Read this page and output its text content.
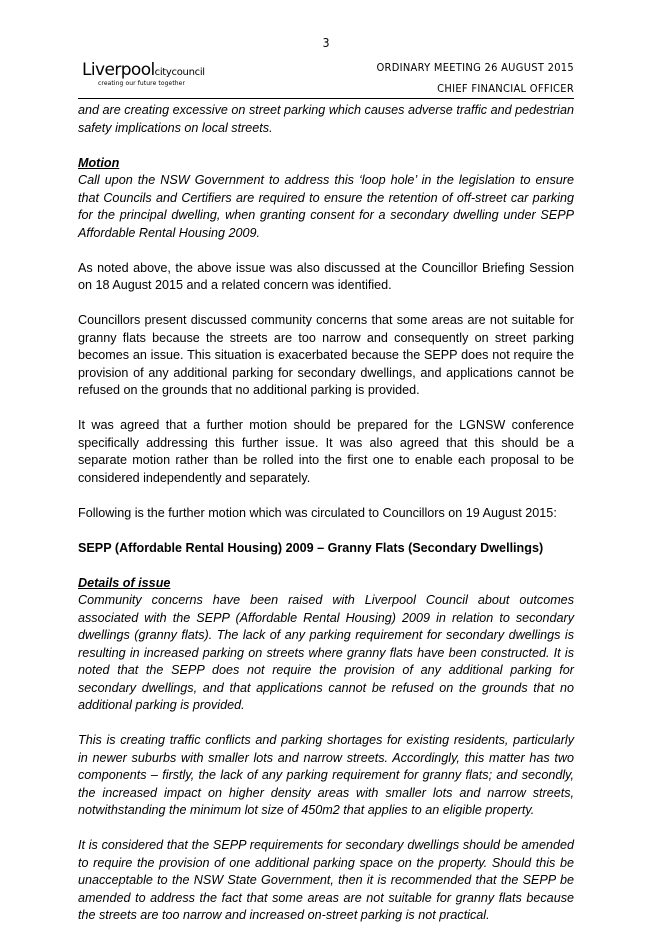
3
Liverpoolcitycouncil
creating our future together
ORDINARY MEETING 26 AUGUST 2015
CHIEF FINANCIAL OFFICER

and are creating excessive on street parking which causes adverse traffic and pedestrian safety implications on local streets.

Motion

Call upon the NSW Government to address this ‘loop hole’ in the legislation to ensure that Councils and Certifiers are required to ensure the retention of off-street car parking for the principal dwelling, when granting consent for a secondary dwelling under SEPP Affordable Rental Housing 2009.

As noted above, the above issue was also discussed at the Councillor Briefing Session on 18 August 2015 and a related concern was identified.

Councillors present discussed community concerns that some areas are not suitable for granny flats because the streets are too narrow and consequently on street parking becomes an issue. This situation is exacerbated because the SEPP does not require the provision of any additional parking for secondary dwellings, and applications cannot be refused on the grounds that no additional parking is provided.

It was agreed that a further motion should be prepared for the LGNSW conference specifically addressing this further issue. It was also agreed that this should be a separate motion rather than be rolled into the first one to enable each proposal to be considered independently and separately.

Following is the further motion which was circulated to Councillors on 19 August 2015:

SEPP (Affordable Rental Housing) 2009 – Granny Flats (Secondary Dwellings)

Details of issue

Community concerns have been raised with Liverpool Council about outcomes associated with the SEPP (Affordable Rental Housing) 2009 in relation to secondary dwellings (granny flats). The lack of any parking requirement for secondary dwellings is resulting in increased parking on streets where granny flats have been constructed. It is noted that the SEPP does not require the provision of any additional parking for secondary dwellings, and that applications cannot be refused on the grounds that no additional parking is provided.

This is creating traffic conflicts and parking shortages for existing residents, particularly in newer suburbs with smaller lots and narrow streets. Accordingly, this matter has two components – firstly, the lack of any parking requirement for granny flats; and secondly, the increased impact on higher density areas with smaller lots and narrow streets, notwithstanding the minimum lot size of 450m2 that applies to an eligible property.

It is considered that the SEPP requirements for secondary dwellings should be amended to require the provision of one additional parking space on the property. Should this be unacceptable to the NSW State Government, then it is recommended that the SEPP be amended to address the fact that some areas are not suitable for granny flats because the streets are too narrow and increased on-street parking is not practical.
